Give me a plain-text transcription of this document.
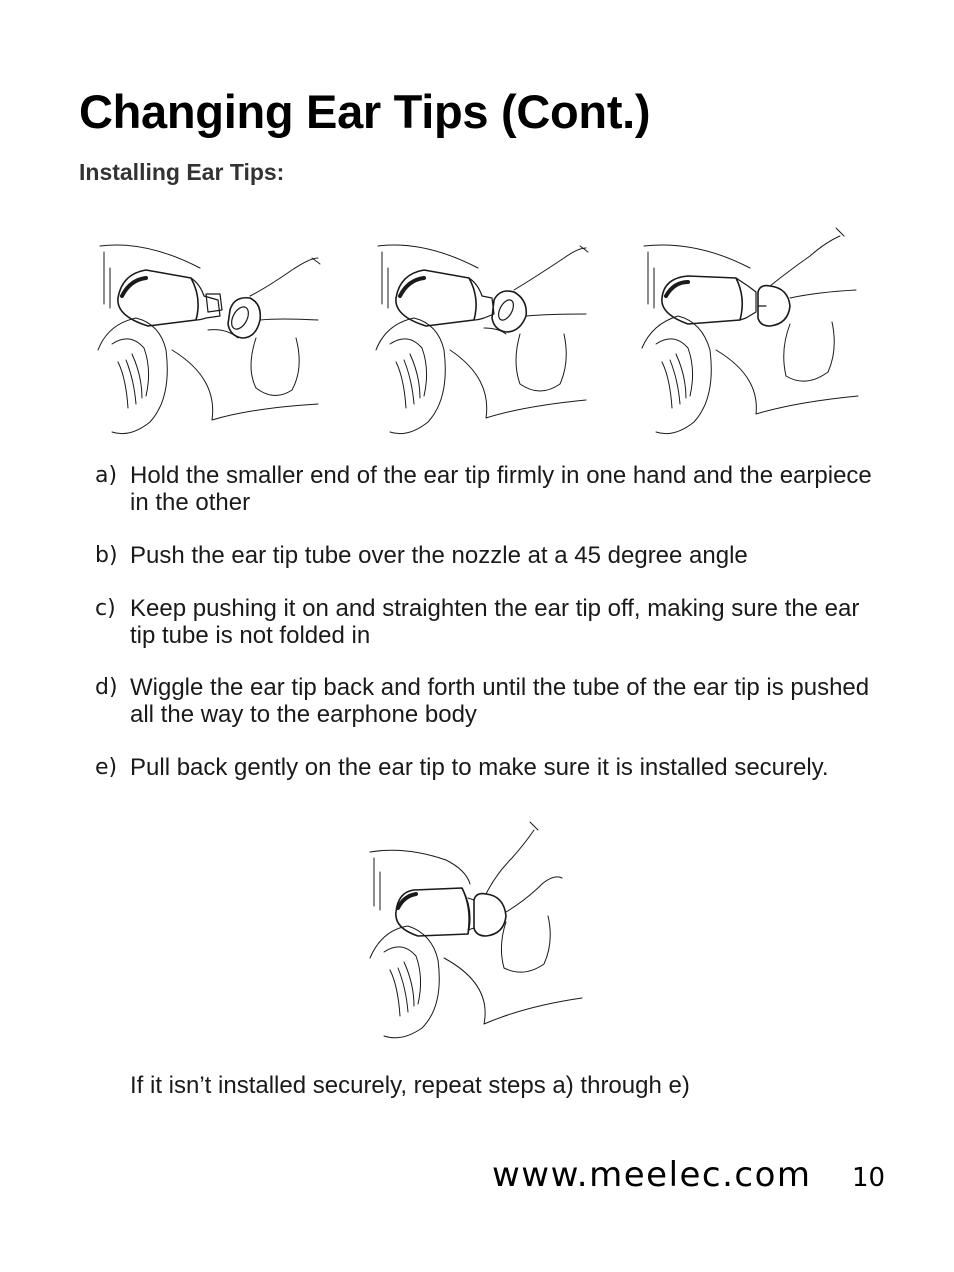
Changing Ear Tips (Cont.)
Installing Ear Tips:
a) Hold the smaller end of the ear tip firmly in one hand and the earpiece in the other
b) Push the ear tip tube over the nozzle at a 45 degree angle
c) Keep pushing it on and straighten the ear tip off, making sure the ear tip tube is not folded in
d) Wiggle the ear tip back and forth until the tube of the ear tip is pushed all the way to the earphone body
e) Pull back gently on the ear tip to make sure it is installed securely.
If it isn’t installed securely, repeat steps a) through e)
www.meelec.com 10
